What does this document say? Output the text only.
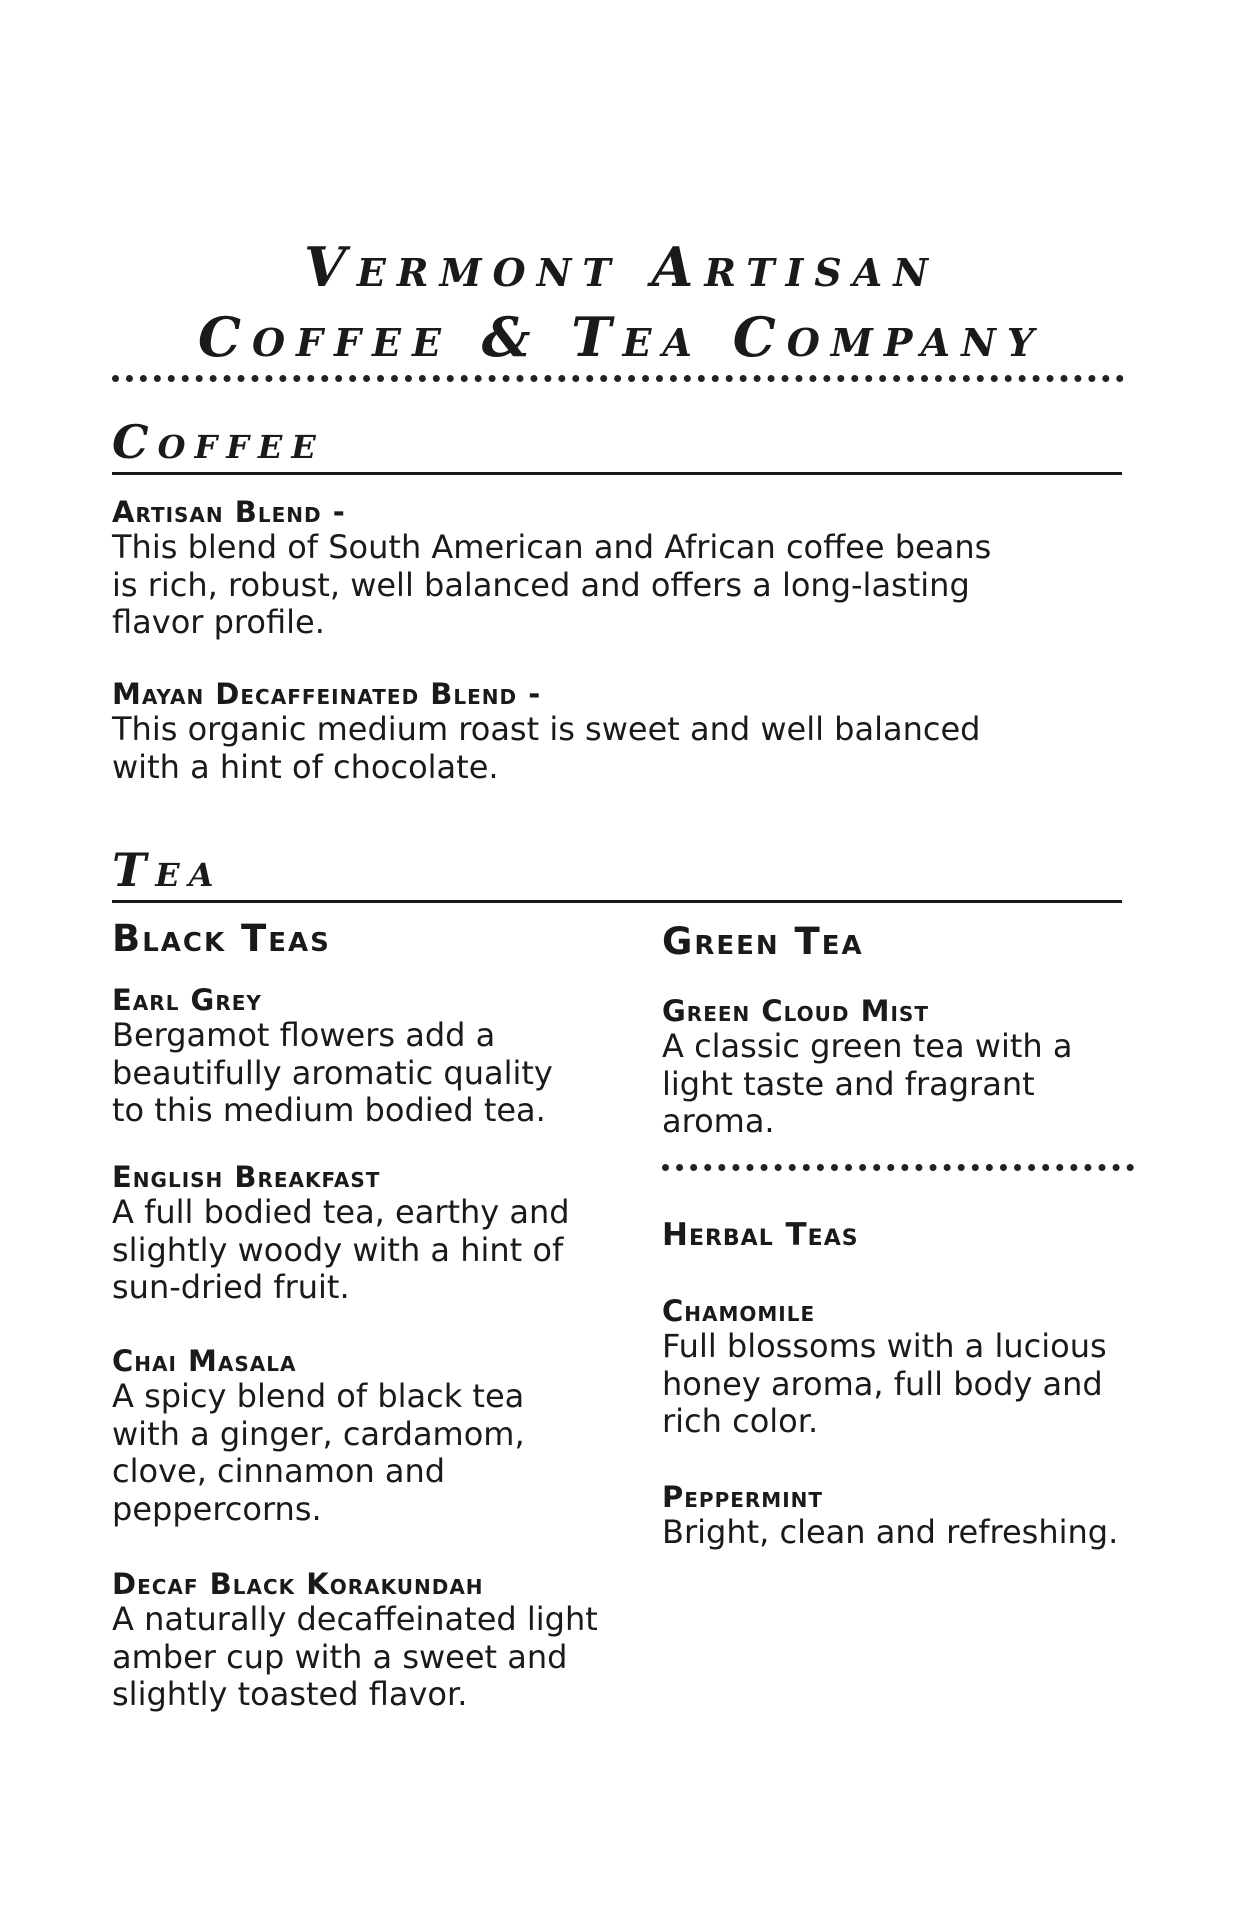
Vermont Artisan
Coffee & Tea Company
Coffee
Artisan Blend -
This blend of South American and African coffee beans
is rich, robust, well balanced and offers a long-lasting
flavor profile.
Mayan Decaffeinated Blend -
This organic medium roast is sweet and well balanced
with a hint of chocolate.
Tea
Black Teas
Earl Grey
Bergamot flowers add a
beautifully aromatic quality
to this medium bodied tea.
English Breakfast
A full bodied tea, earthy and
slightly woody with a hint of
sun-dried fruit.
Chai Masala
A spicy blend of black tea
with a ginger, cardamom,
clove, cinnamon and
peppercorns.
Decaf Black Korakundah
A naturally decaffeinated light
amber cup with a sweet and
slightly toasted flavor.
Green Tea
Green Cloud Mist
A classic green tea with a
light taste and fragrant
aroma.
Herbal Teas
Chamomile
Full blossoms with a lucious
honey aroma, full body and
rich color.
Peppermint
Bright, clean and refreshing.
